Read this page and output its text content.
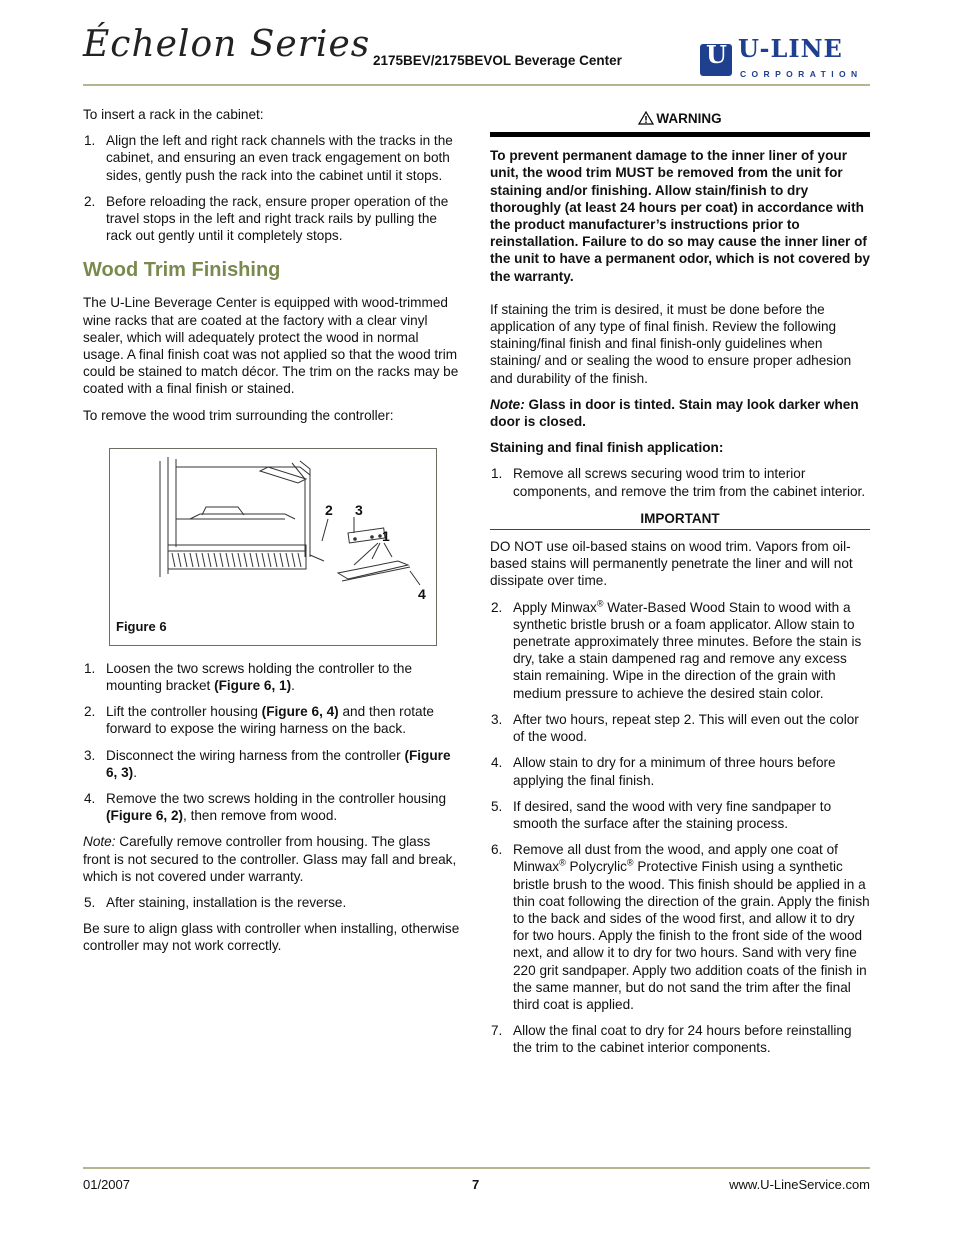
Échelon Series 2175BEV/2175BEVOL Beverage Center	U U-LINE
CORPORATION

To insert a rack in the cabinet:

1. Align the left and right rack channels with the tracks in the cabinet, and ensuring an even track engagement on both sides, gently push the rack into the cabinet until it stops.
2. Before reloading the rack, ensure proper operation of the travel stops in the left and right track rails by pulling the rack out gently until it completely stops.
Wood Trim Finishing

The U-Line Beverage Center is equipped with wood-trimmed wine racks that are coated at the factory with a clear vinyl sealer, which will adequately protect the wood in normal usage. A final finish coat was not applied so that the wood trim could be stained to match décor. The trim on the racks may be coated with a final finish or stained.

To remove the wood trim surrounding the controller:

2 3
1
4
Figure 6
1. Loosen the two screws holding the controller to the mounting bracket (Figure 6, 1).
2. Lift the controller housing (Figure 6, 4) and then rotate forward to expose the wiring harness on the back.
3. Disconnect the wiring harness from the controller (Figure 6, 3).
4. Remove the two screws holding in the controller housing (Figure 6, 2), then remove from wood.

Note: Carefully remove controller from housing. The glass front is not secured to the controller. Glass may fall and break, which is not covered under warranty.

5. After staining, installation is the reverse.

Be sure to align glass with controller when installing, otherwise controller may not work correctly.

WARNING

To prevent permanent damage to the inner liner of your unit, the wood trim MUST be removed from the unit for staining and/or finishing. Allow stain/finish to dry thoroughly (at least 24 hours per coat) in accordance with the product manufacturer’s instructions prior to reinstallation. Failure to do so may cause the inner liner of the unit to have a permanent odor, which is not covered by the warranty.

If staining the trim is desired, it must be done before the application of any type of final finish. Review the following staining/final finish and final finish-only guidelines when staining/ and or sealing the wood to ensure proper adhesion and durability of the finish.

Note: Glass in door is tinted. Stain may look darker when door is closed.

Staining and final finish application:

1. Remove all screws securing wood trim to interior components, and remove the trim from the cabinet interior.
IMPORTANT

DO NOT use oil-based stains on wood trim. Vapors from oil-based stains will permanently penetrate the liner and will not dissipate over time.

2. Apply Minwax® Water-Based Wood Stain to wood with a synthetic bristle brush or a foam applicator. Allow stain to penetrate approximately three minutes. Before the stain is dry, take a stain dampened rag and remove any excess stain remaining. Wipe in the direction of the grain with medium pressure to achieve the desired stain color.
3. After two hours, repeat step 2. This will even out the color of the wood.
4. Allow stain to dry for a minimum of three hours before applying the final finish.
5. If desired, sand the wood with very fine sandpaper to smooth the surface after the staining process.
6. Remove all dust from the wood, and apply one coat of Minwax® Polycrylic® Protective Finish using a synthetic bristle brush to the wood. This finish should be applied in a thin coat following the direction of the grain. Apply the finish to the back and sides of the wood first, and allow it to dry for two hours. Apply the finish to the front side of the wood next, and allow it to dry for two hours. Sand with very fine 220 grit sandpaper. Apply two addition coats of the finish in the same manner, but do not sand the trim after the final third coat is applied.
7. Allow the final coat to dry for 24 hours before reinstalling the trim to the cabinet interior components.
01/2007	7	www.U-LineService.com
